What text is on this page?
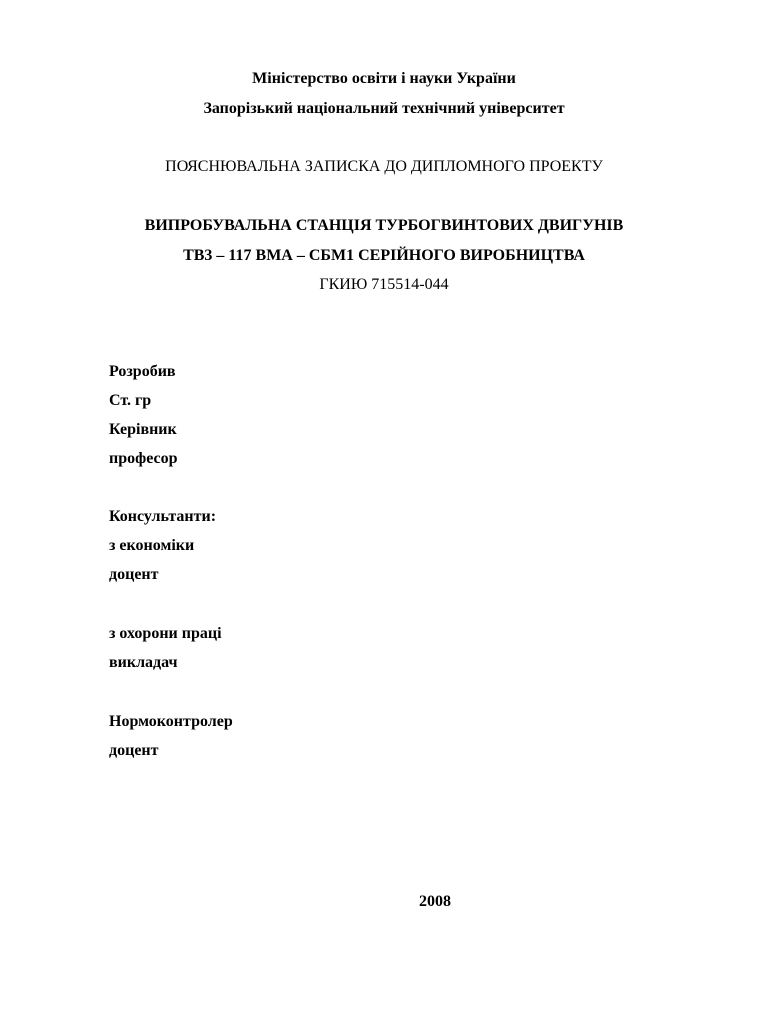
Міністерство освіти і науки України
Запорізький національний технічний університет
ПОЯСНЮВАЛЬНА ЗАПИСКА ДО ДИПЛОМНОГО ПРОЕКТУ
ВИПРОБУВАЛЬНА СТАНЦІЯ ТУРБОГВИНТОВИХ ДВИГУНІВ
ТВ3 – 117 ВМА – СБМ1 СЕРІЙНОГО ВИРОБНИЦТВА
ГКИЮ 715514-044
Розробив
Ст. гр
Керівник
професор
Консультанти:
з економіки
доцент
з охорони праці
викладач
Нормоконтролер
доцент
2008
